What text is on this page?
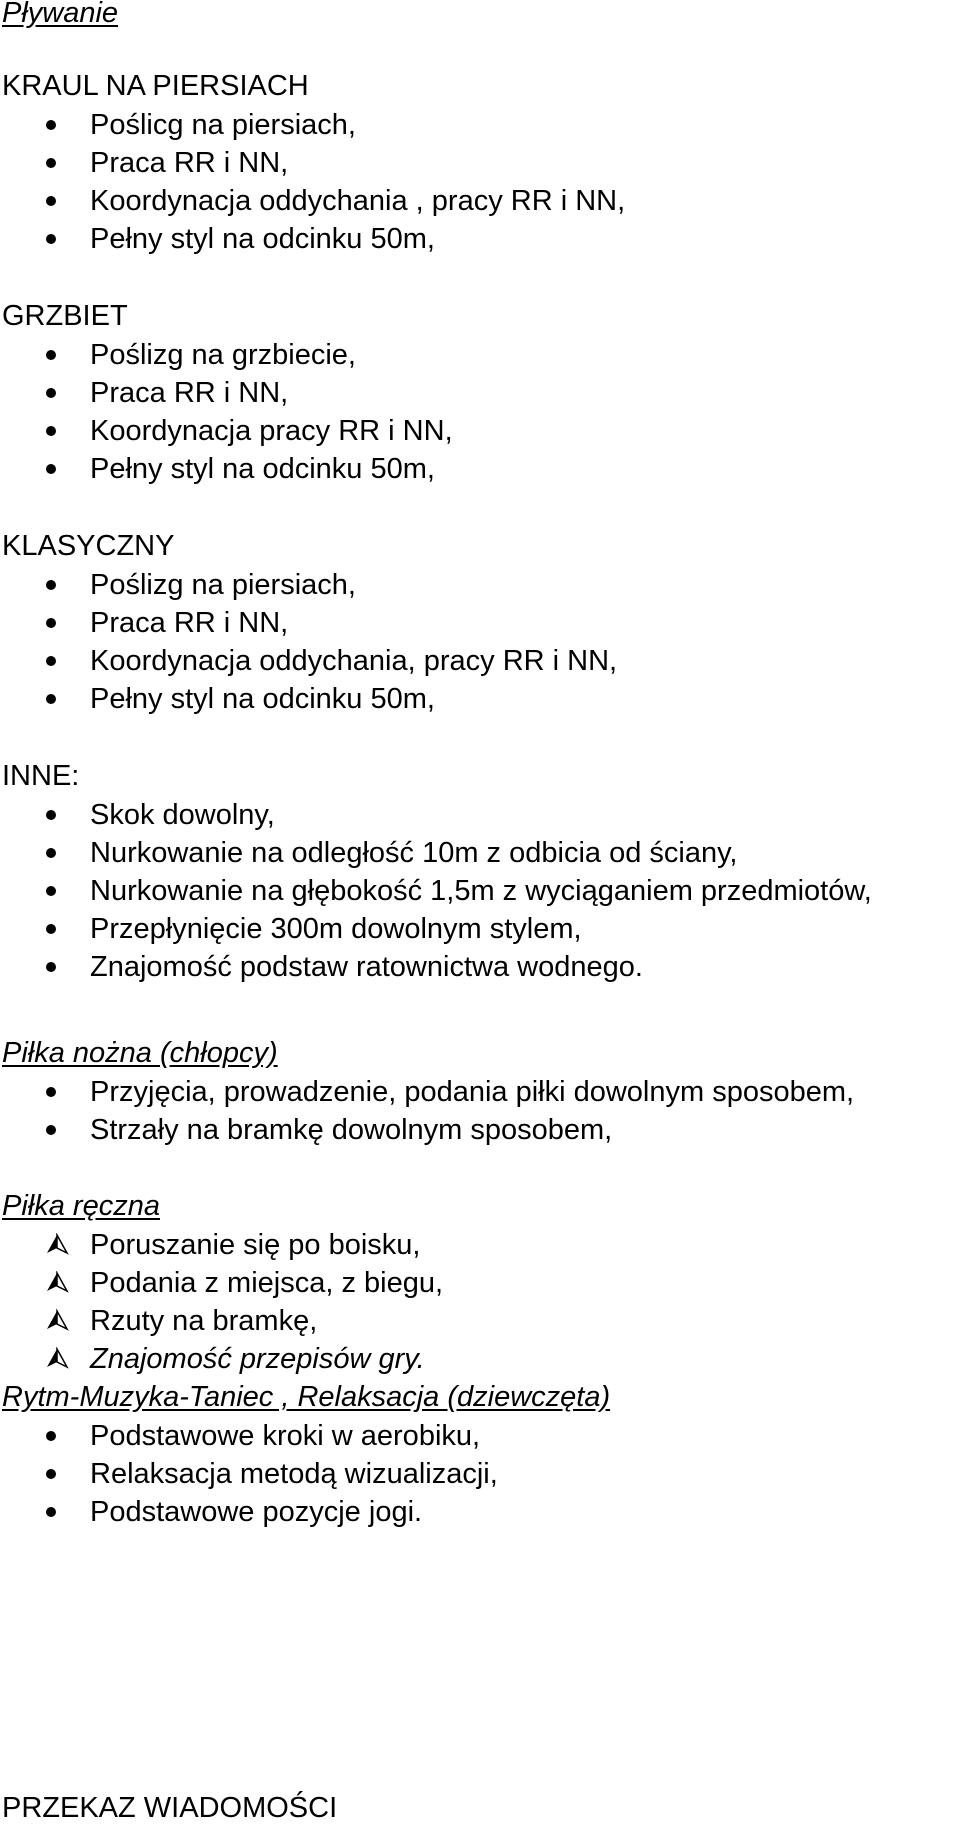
Pływanie
KRAUL NA PIERSIACH
Poślicg na piersiach,
Praca RR i NN,
Koordynacja oddychania , pracy RR i NN,
Pełny styl na odcinku 50m,
GRZBIET
Poślizg na grzbiecie,
Praca RR i NN,
Koordynacja pracy RR i NN,
Pełny styl na odcinku 50m,
KLASYCZNY
Poślizg na piersiach,
Praca RR i NN,
Koordynacja oddychania, pracy RR i NN,
Pełny styl na odcinku 50m,
INNE:
Skok dowolny,
Nurkowanie na odległość 10m z odbicia od ściany,
Nurkowanie na głębokość 1,5m z wyciąganiem przedmiotów,
Przepłynięcie 300m dowolnym stylem,
Znajomość podstaw ratownictwa wodnego.
Piłka nożna (chłopcy)
Przyjęcia, prowadzenie, podania piłki dowolnym sposobem,
Strzały na bramkę dowolnym sposobem,
Piłka ręczna
Poruszanie się po boisku,
Podania z miejsca, z biegu,
Rzuty na bramkę,
Znajomość przepisów gry.
Rytm-Muzyka-Taniec , Relaksacja (dziewczęta)
Podstawowe kroki w aerobiku,
Relaksacja metodą wizualizacji,
Podstawowe pozycje jogi.
PRZEKAZ WIADOMOŚCI
